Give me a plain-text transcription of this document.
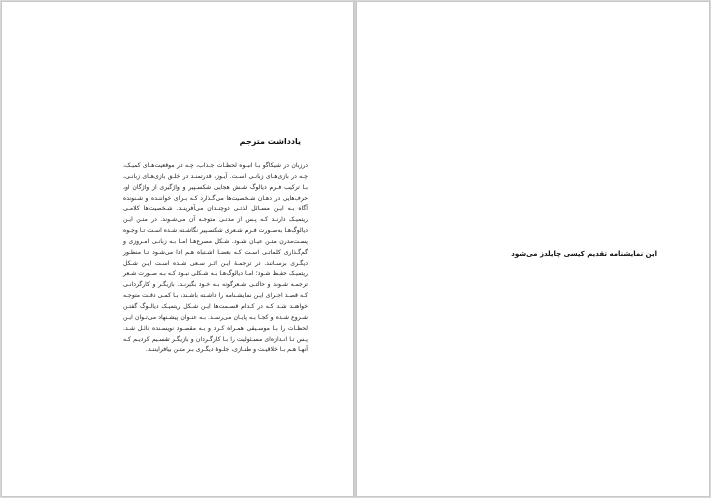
یادداشت مترجم

درزبان در شیکاگو بـا انبـوه لحظـات جـذاب، چـه در موقعیت‌هـای کمیـک، چـه در بازی‌هـای زبانـی اسـت. آیـوز، قدرتمنـد در خلـق بازی‌هـای زبانـی، بـا ترکیب فـرم دیالوگ شـش هجایی شکسـپیر و واژگیری از واژگان او، حرف‌هایی در دهـان شـخصیت‌ها می‌گـذارد کـه بـرای خواننـده و شـنونده آگاه بـه ایـن مسـائل لذتـی دوچنـدان می‌آفرینـد. شـخصیت‌ها کلامـی ریتمیـک دارنـد کـه پـس از مدتـی متوجـه آن می‌شـوند. در متـن ایـن دیالوگ‌هـا به‌صـورت فـرم شـعری شکسـپیر نگاشـته شـده اسـت تـا وجـوه پسـت‌مدرن متـن عیـان شـود. شـکل مصرع‌هـا امـا بـه زبانـی امـروزی و گم‌گـذاری کلماتـی اسـت کـه بعضـا اشـتباه هـم ادا می‌شـود تـا منظـور دیگـری برسـانند. در ترجمـهٔ ایـن اثـر سـعی شـده اسـت ایـن شـکل ریتمیـک حفـظ شـود؛ امـا دیالوگ‌هـا بـه شـکلی نبـود کـه بـه صـورت شـعر ترجمـه شـوند و حالتـی شـعرگونه بـه خـود بگیرنـد. بازیگـر و کارگردانـی کـه قصـد اجـرای ایـن نمایشـنامه را داشـته باشـند، بـا کمـی دقـت متوجـه خواهنـد شـد کـه در کـدام قسـمت‌ها ایـن شـکل ریتمیـک دیالـوگ گفتـن شـروع شـده و کجـا بـه پایـان می‌رسـد. بـه عنـوان پیشـنهاد می‌تـوان ایـن لحظـات را بـا موسـیقی همـراه کـرد و بـه مقصـود نویسـنده نائـل شـد. پـس تـا انـدازه‌ای مسـئولیت را بـا کارگـردان و بازیگـر تقسـیم کردیـم کـه آنهـا هـم بـا خلاقیـت و طنـازی، جلـوهٔ دیگـری بـر متـن بیافرایننـد.

این نمایشنامه تقدیم کیسی چایلدز می‌شود
